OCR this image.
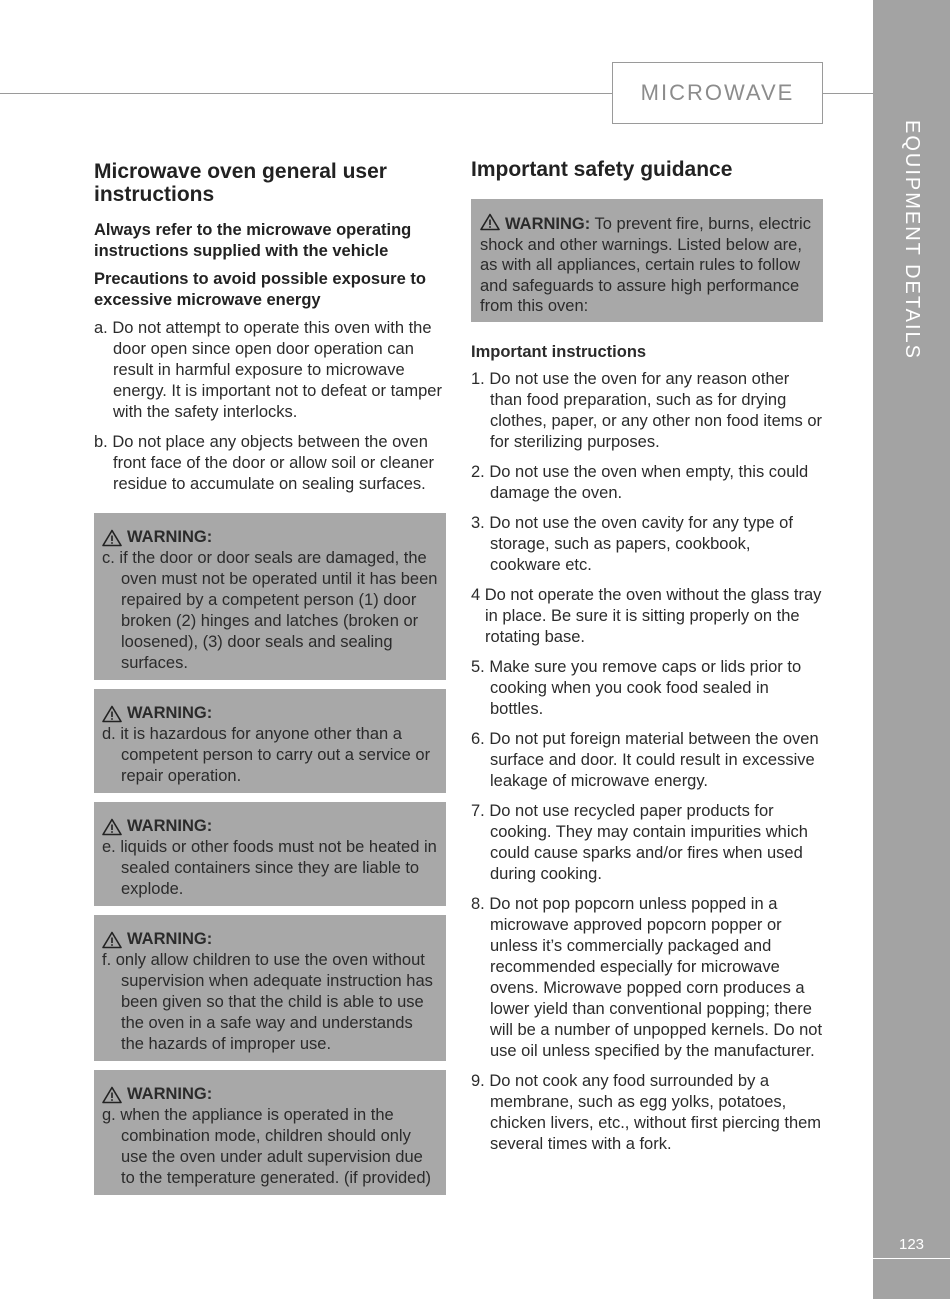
MICROWAVE
EQUIPMENT DETAILS
123
Microwave oven general user instructions

Always refer to the microwave operating instructions supplied with the vehicle

Precautions to avoid possible exposure to excessive microwave energy

a. Do not attempt to operate this oven with the door open since open door operation can result in harmful exposure to microwave energy. It is important not to defeat or tamper with the safety interlocks.

b. Do not place any objects between the oven front face of the door or allow soil or cleaner residue to accumulate on sealing surfaces.

WARNING:

c. if the door or door seals are damaged, the oven must not be operated until it has been repaired by a competent person (1) door broken (2) hinges and latches (broken or loosened), (3) door seals and sealing surfaces.

WARNING:

d. it is hazardous for anyone other than a competent person to carry out a service or repair operation.

WARNING:

e. liquids or other foods must not be heated in sealed containers since they are liable to explode.

WARNING:

f. only allow children to use the oven without supervision when adequate instruction has been given so that the child is able to use the oven in a safe way and understands the hazards of improper use.

WARNING:

g. when the appliance is operated in the combination mode, children should only use the oven under adult supervision due to the temperature generated. (if provided)

Important safety guidance

WARNING: To prevent fire, burns, electric shock and other warnings. Listed below are, as with all appliances, certain rules to follow and safeguards to assure high performance from this oven:

Important instructions

1. Do not use the oven for any reason other than food preparation, such as for drying clothes, paper, or any other non food items or for sterilizing purposes.

2. Do not use the oven when empty, this could damage the oven.

3. Do not use the oven cavity for any type of storage, such as papers, cookbook, cookware etc.

4 Do not operate the oven without the glass tray in place. Be sure it is sitting properly on the rotating base.

5. Make sure you remove caps or lids prior to cooking when you cook food sealed in bottles.

6. Do not put foreign material between the oven surface and door. It could result in excessive leakage of microwave energy.

7. Do not use recycled paper products for cooking. They may contain impurities which could cause sparks and/or fires when used during cooking.

8. Do not pop popcorn unless popped in a microwave approved popcorn popper or unless it’s commercially packaged and recommended especially for microwave ovens. Microwave popped corn produces a lower yield than conventional popping; there will be a number of unpopped kernels. Do not use oil unless specified by the manufacturer.

9. Do not cook any food surrounded by a membrane, such as egg yolks, potatoes, chicken livers, etc., without first piercing them several times with a fork.
